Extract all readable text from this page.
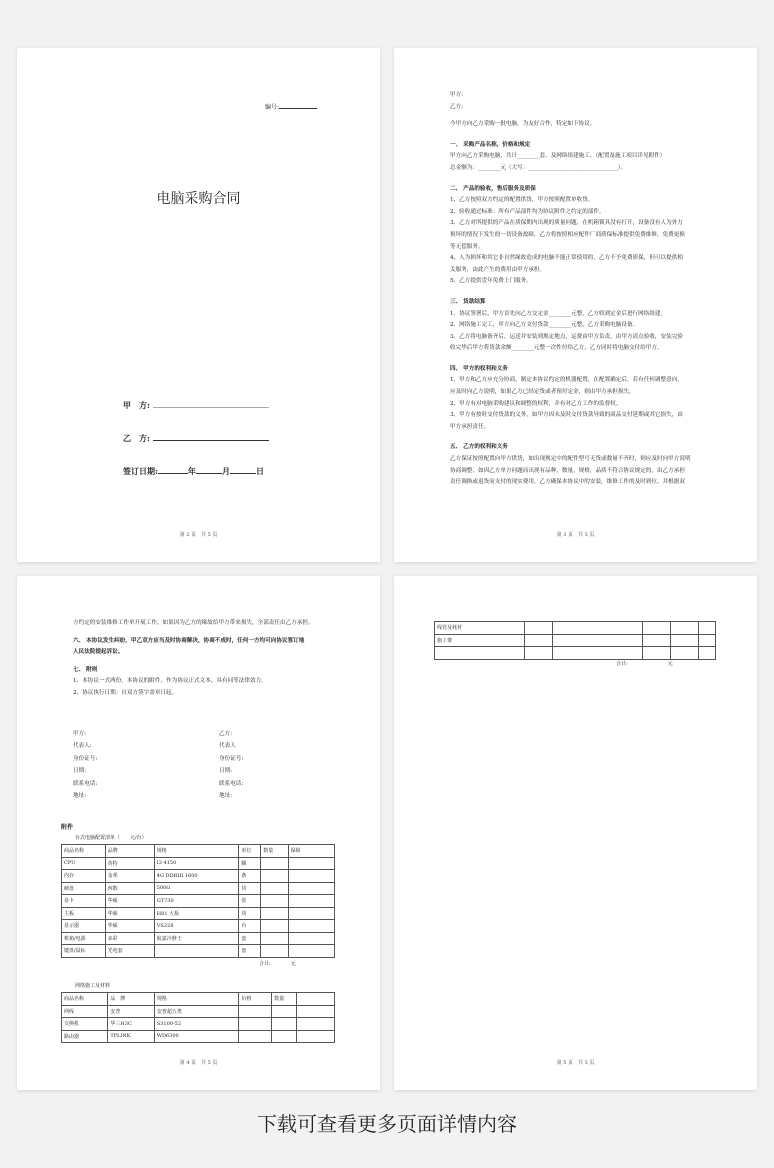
编号:
电脑采购合同
甲　方:
乙　方:
签订日期:	年	月	日
第 2 页　共 5 页
甲方:
乙方:
今甲方向乙方采购一批电脑，为友好合作，特定如下协议。
一、 采购产品名称，价格和规定
甲方向乙方采购电脑，共计________套。及网络组建施工。（配置及施工项目详见附件）
总金额为：________元（大写：________________________________）。
二、 产品的验收，售后服务及质保
1、乙方按照双方约定的配置供货，甲方按照配置单收货。
2、验收通过标准：所有产品部件均为协议附件之约定的部件。
3、乙方对所提供的产品在质保期内出现的质量问题，在机箱锁具没有打开，设备没有人为外力
损坏的情况下发生的一切设备故障，乙方将按照相应配件厂商质保标准提供免费维修，免费更换
等无偿服务。
4、人为损坏和其它非自然缘故造成的电脑不能正常使用的，乙方不予免费质保，但可以提供相
关服务，由此产生的费用由甲方承担。
5、乙方提供壹年免费上门服务。
三、 货款结算
1、协议签署后，甲方首先向乙方交定金________元整，乙方收到定金后进行网络组建。
2、网络施工完工，甲方向乙方支付货款________元整，乙方采购电脑设备。
3、乙方将电脑备齐后，运送并安装到规定地点，运费由甲方负责，由甲方清点验收，安装完验
收完毕后甲方将货款余额________元整一次性付给乙方，乙方同时将电脑交付给甲方。
四、 甲方的权利和义务
1、甲方和乙方应充分协商，制定本协议约定的机器配置，在配置确定后，若有任何调整意向，
应及时向乙方说明，如果乙方已经定货或者预付定金，则由甲方承担损失。
2、甲方有对电脑采购建议和调整的权利，并有对乙方工作的监督权。
3、甲方有按时交付货款的义务，如甲方因未及时交付货款导致的商品交付延期或其它损失，由
甲方承担责任。
五、 乙方的权利和义务
乙方保证按照配置向甲方供货，如出现规定中的配件型号无货或数量不齐时，则应及时向甲方说明
协商调整，如因乙方单方问题而出现有品种，数量，规格，品质不符合协议规定的，由乙方承担
责任调换或退货而支付的现实费用。乙方确保本协议中的安装，维修工作的及时到位，并根据双
第 3 页　共 5 页
方约定的安装维修工作单开展工作，如果因为乙方的缘故给甲方带来损失，全部责任由乙方承担。
六、 本协议发生纠纷，甲乙双方应当及时协商解决，协商不成时，任何一方均可向协议签订地
人民法院提起诉讼。
七、 附则
1、本协议一式两份，本协议的附件，作为协议正式文本，具有同等法律效力。
2、协议执行日期：自双方签字盖章日起。
甲方:
代表人:
身份证号:
日期:
联系电话:
地址:
乙方:
代表人
身份证号:
日期:
联系电话:
地址:
附件
台式电脑配置清单（　　元/台）
商品名称	品牌	规格	单位	数量	保障
CPU	英特	I3 4150	颗		
内存	金邦	4G DDRIII 1600	条		
硬盘	西数	500G	块		
显卡	华硕	GT730	张		
主板	华硕	H81 大板	块		
显示器	华硕	VS228	台		
机箱/电源	多彩	航嘉冷静王	套		
键盘/鼠标	光电套		套		
合计:	元
网络施工及材料
商品名称	品　牌	规格	价格	数量	
网线	安普	安普超五类			
交换机	华三H3C	S3100-52			
路由器	TPLINK	WD6300			
第 4 页　共 5 页
线管及耗材					
施工费					

合计:	元
第 5 页　共 5 页
下载可查看更多页面详情内容
